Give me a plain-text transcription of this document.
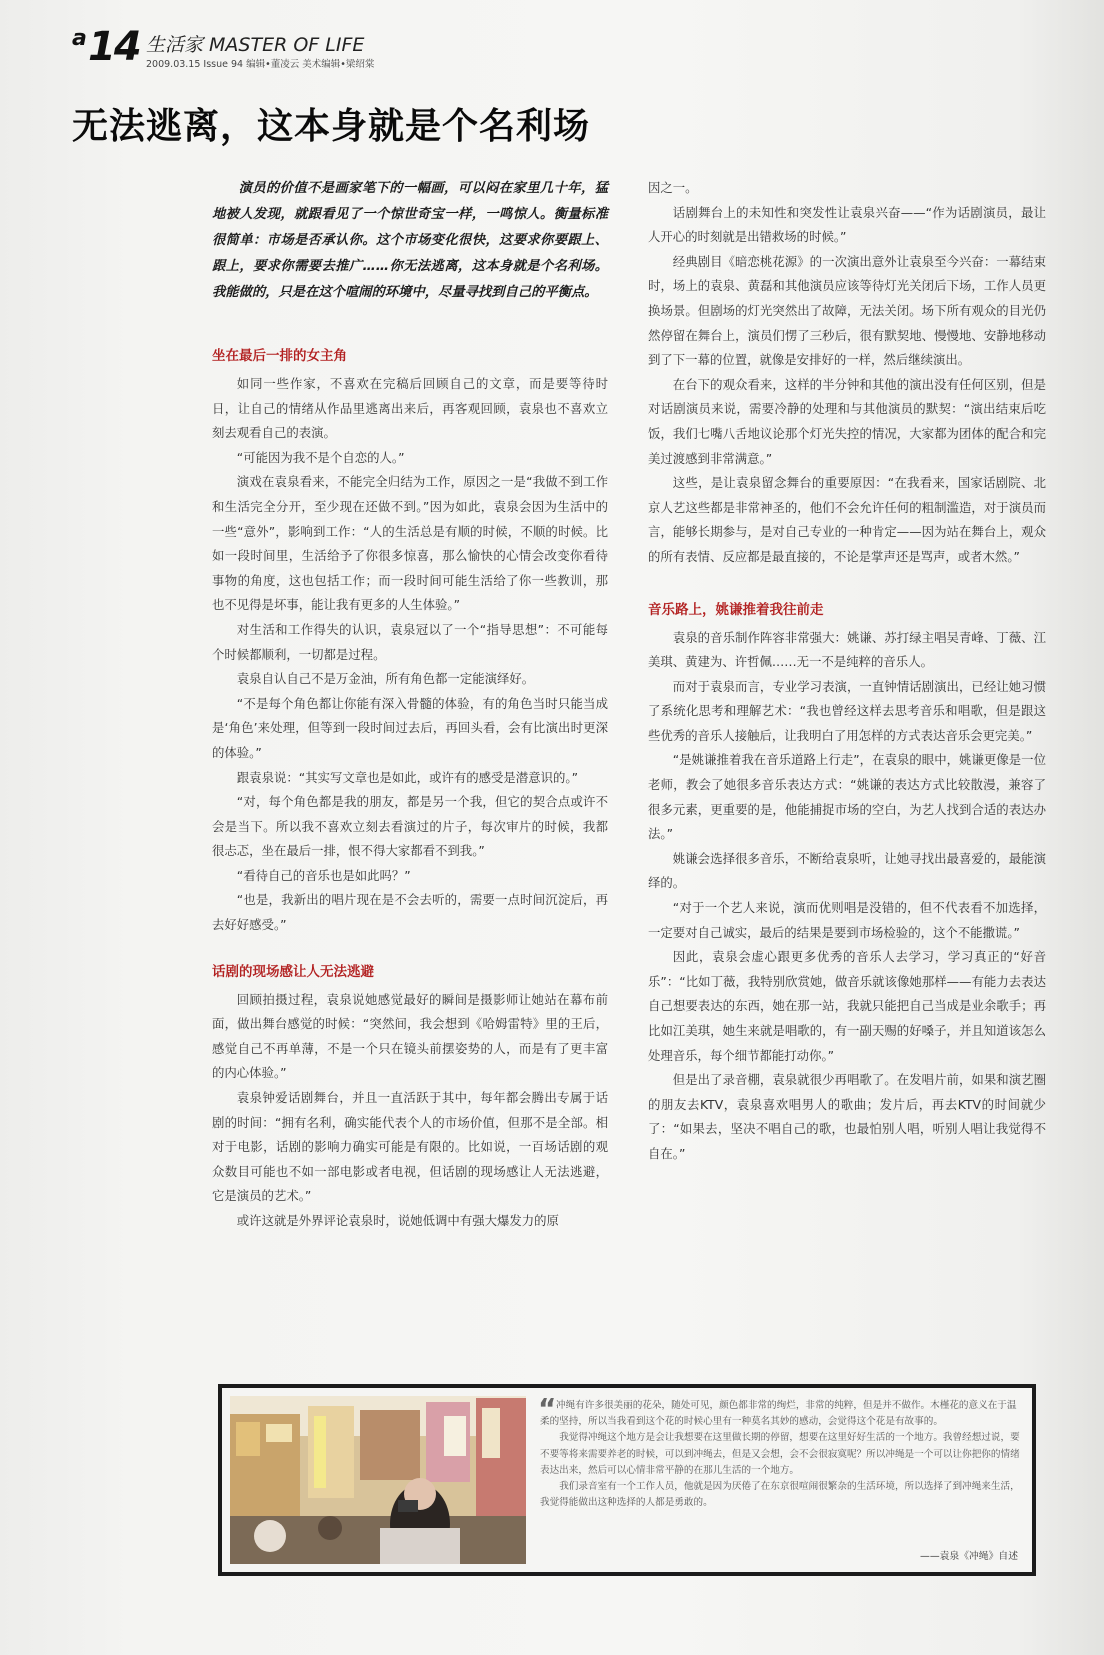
a 14 生活家 MASTER OF LIFE
2009.03.15 Issue 94 编辑•董凌云 美术编辑•梁绍棠
无法逃离，这本身就是个名利场

演员的价值不是画家笔下的一幅画，可以闷在家里几十年，猛地被人发现，就跟看见了一个惊世奇宝一样，一鸣惊人。衡量标准很简单：市场是否承认你。这个市场变化很快，这要求你要跟上、跟上，要求你需要去推广……你无法逃离，这本身就是个名利场。我能做的，只是在这个喧闹的环境中，尽量寻找到自己的平衡点。

坐在最后一排的女主角

如同一些作家，不喜欢在完稿后回顾自己的文章，而是要等待时日，让自己的情绪从作品里逃离出来后，再客观回顾，袁泉也不喜欢立刻去观看自己的表演。

“可能因为我不是个自恋的人。”

演戏在袁泉看来，不能完全归结为工作，原因之一是“我做不到工作和生活完全分开，至少现在还做不到。”因为如此，袁泉会因为生活中的一些“意外”，影响到工作：“人的生活总是有顺的时候，不顺的时候。比如一段时间里，生活给予了你很多惊喜，那么愉快的心情会改变你看待事物的角度，这也包括工作；而一段时间可能生活给了你一些教训，那也不见得是坏事，能让我有更多的人生体验。”

对生活和工作得失的认识，袁泉冠以了一个“指导思想”：不可能每个时候都顺利，一切都是过程。

袁泉自认自己不是万金油，所有角色都一定能演绎好。

“不是每个角色都让你能有深入骨髓的体验，有的角色当时只能当成是‘角色’来处理，但等到一段时间过去后，再回头看，会有比演出时更深的体验。”

跟袁泉说：“其实写文章也是如此，或许有的感受是潜意识的。”

“对，每个角色都是我的朋友，都是另一个我，但它的契合点或许不会是当下。所以我不喜欢立刻去看演过的片子，每次审片的时候，我都很忐忑，坐在最后一排，恨不得大家都看不到我。”

“看待自己的音乐也是如此吗？”

“也是，我新出的唱片现在是不会去听的，需要一点时间沉淀后，再去好好感受。”

话剧的现场感让人无法逃避

回顾拍摄过程，袁泉说她感觉最好的瞬间是摄影师让她站在幕布前面，做出舞台感觉的时候：“突然间，我会想到《哈姆雷特》里的王后，感觉自己不再单薄，不是一个只在镜头前摆姿势的人，而是有了更丰富的内心体验。”

袁泉钟爱话剧舞台，并且一直活跃于其中，每年都会腾出专属于话剧的时间：“拥有名利，确实能代表个人的市场价值，但那不是全部。相对于电影，话剧的影响力确实可能是有限的。比如说，一百场话剧的观众数目可能也不如一部电影或者电视，但话剧的现场感让人无法逃避，它是演员的艺术。”

或许这就是外界评论袁泉时，说她低调中有强大爆发力的原

因之一。

话剧舞台上的未知性和突发性让袁泉兴奋——“作为话剧演员，最让人开心的时刻就是出错救场的时候。”

经典剧目《暗恋桃花源》的一次演出意外让袁泉至今兴奋：一幕结束时，场上的袁泉、黄磊和其他演员应该等待灯光关闭后下场，工作人员更换场景。但剧场的灯光突然出了故障，无法关闭。场下所有观众的目光仍然停留在舞台上，演员们愣了三秒后，很有默契地、慢慢地、安静地移动到了下一幕的位置，就像是安排好的一样，然后继续演出。

在台下的观众看来，这样的半分钟和其他的演出没有任何区别，但是对话剧演员来说，需要冷静的处理和与其他演员的默契：“演出结束后吃饭，我们七嘴八舌地议论那个灯光失控的情况，大家都为团体的配合和完美过渡感到非常满意。”

这些，是让袁泉留念舞台的重要原因：“在我看来，国家话剧院、北京人艺这些都是非常神圣的，他们不会允许任何的粗制滥造，对于演员而言，能够长期参与，是对自己专业的一种肯定——因为站在舞台上，观众的所有表情、反应都是最直接的，不论是掌声还是骂声，或者木然。”

音乐路上，姚谦推着我往前走

袁泉的音乐制作阵容非常强大：姚谦、苏打绿主唱吴青峰、丁薇、江美琪、黄建为、许哲佩……无一不是纯粹的音乐人。

而对于袁泉而言，专业学习表演，一直钟情话剧演出，已经让她习惯了系统化思考和理解艺术：“我也曾经这样去思考音乐和唱歌，但是跟这些优秀的音乐人接触后，让我明白了用怎样的方式表达音乐会更完美。”

“是姚谦推着我在音乐道路上行走”，在袁泉的眼中，姚谦更像是一位老师，教会了她很多音乐表达方式：“姚谦的表达方式比较散漫，兼容了很多元素，更重要的是，他能捕捉市场的空白，为艺人找到合适的表达办法。”

姚谦会选择很多音乐，不断给袁泉听，让她寻找出最喜爱的，最能演绎的。

“对于一个艺人来说，演而优则唱是没错的，但不代表看不加选择，一定要对自己诚实，最后的结果是要到市场检验的，这个不能撒谎。”

因此，袁泉会虚心跟更多优秀的音乐人去学习，学习真正的“好音乐”：“比如丁薇，我特别欣赏她，做音乐就该像她那样——有能力去表达自己想要表达的东西，她在那一站，我就只能把自己当成是业余歌手；再比如江美琪，她生来就是唱歌的，有一副天赐的好嗓子，并且知道该怎么处理音乐，每个细节都能打动你。”

但是出了录音棚，袁泉就很少再唱歌了。在发唱片前，如果和演艺圈的朋友去KTV，袁泉喜欢唱男人的歌曲；发片后，再去KTV的时间就少了：“如果去，坚决不唱自己的歌，也最怕别人唱，听别人唱让我觉得不自在。”

“ 冲绳有许多很美丽的花朵，随处可见，颜色都非常的绚烂，非常的纯粹，但是并不做作。木槿花的意义在于温柔的坚持，所以当我看到这个花的时候心里有一种莫名其妙的感动，会觉得这个花是有故事的。

我觉得冲绳这个地方是会让我想要在这里做长期的停留，想要在这里好好生活的一个地方。我曾经想过说，要不要等将来需要养老的时候，可以到冲绳去，但是又会想，会不会很寂寞呢？所以冲绳是一个可以让你把你的情绪表达出来，然后可以心情非常平静的在那儿生活的一个地方。

我们录音室有一个工作人员，他就是因为厌倦了在东京很喧闹很繁杂的生活环境，所以选择了到冲绳来生活，我觉得能做出这种选择的人都是勇敢的。

——袁泉《冲绳》自述
